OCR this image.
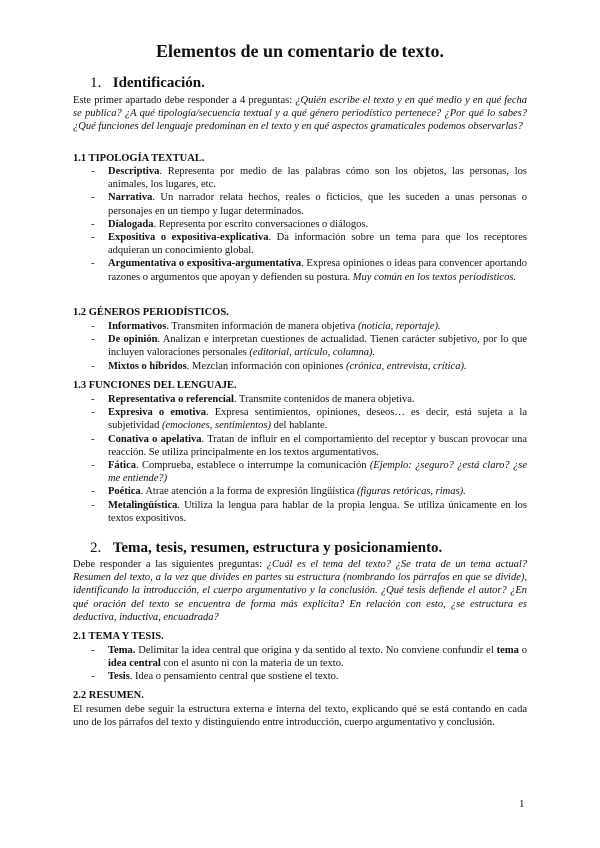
Elementos de un comentario de texto.
1. Identificación.

Este primer apartado debe responder a 4 preguntas: ¿Quién escribe el texto y en qué medio y en qué fecha se publica? ¿A qué tipología/secuencia textual y a qué género periodístico pertenece? ¿Por qué lo sabes? ¿Qué funciones del lenguaje predominan en el texto y en qué aspectos gramaticales podemos observarlas?

1.1 TIPOLOGÍA TEXTUAL.
- Descriptiva. Representa por medio de las palabras cómo son los objetos, las personas, los animales, los lugares, etc.
- Narrativa. Un narrador relata hechos, reales o ficticios, que les suceden a unas personas o personajes en un tiempo y lugar determinados.
- Dialogada. Representa por escrito conversaciones o diálogos.
- Expositiva o expositiva-explicativa. Da información sobre un tema para que los receptores adquieran un conocimiento global.
- Argumentativa o expositiva-argumentativa. Expresa opiniones o ideas para convencer aportando razones o argumentos que apoyan y defienden su postura. Muy común en los textos periodísticos.
1.2 GÉNEROS PERIODÍSTICOS.
- Informativos. Transmiten información de manera objetiva (noticia, reportaje).
- De opinión. Analizan e interpretan cuestiones de actualidad. Tienen carácter subjetivo, por lo que incluyen valoraciones personales (editorial, artículo, columna).
- Mixtos o híbridos. Mezclan información con opiniones (crónica, entrevista, crítica).
1.3 FUNCIONES DEL LENGUAJE.
- Representativa o referencial. Transmite contenidos de manera objetiva.
- Expresiva o emotiva. Expresa sentimientos, opiniones, deseos… es decir, está sujeta a la subjetividad (emociones, sentimientos) del hablante.
- Conativa o apelativa. Tratan de influir en el comportamiento del receptor y buscan provocar una reacción. Se utiliza principalmente en los textos argumentativos.
- Fática. Comprueba, establece o interrumpe la comunicación (Ejemplo: ¿seguro? ¿está claro? ¿se me entiende?)
- Poética. Atrae atención a la forma de expresión lingüística (figuras retóricas, rimas).
- Metalingüística. Utiliza la lengua para hablar de la propia lengua. Se utiliza únicamente en los textos expositivos.
2. Tema, tesis, resumen, estructura y posicionamiento.

Debe responder a las siguientes preguntas: ¿Cuál es el tema del texto? ¿Se trata de un tema actual? Resumen del texto, a la vez que divides en partes su estructura (nombrando los párrafos en que se divide), identificando la introducción, el cuerpo argumentativo y la conclusión. ¿Qué tesis defiende el autor? ¿En qué oración del texto se encuentra de forma más explícita? En relación con esto, ¿se estructura es deductiva, inductiva, encuadrada?

2.1 TEMA Y TESIS.
- Tema. Delimitar la idea central que origina y da sentido al texto. No conviene confundir el tema o idea central con el asunto ni con la materia de un texto.
- Tesis. Idea o pensamiento central que sostiene el texto.
2.2 RESUMEN.

El resumen debe seguir la estructura externa e interna del texto, explicando qué se está contando en cada uno de los párrafos del texto y distinguiendo entre introducción, cuerpo argumentativo y conclusión.

1
